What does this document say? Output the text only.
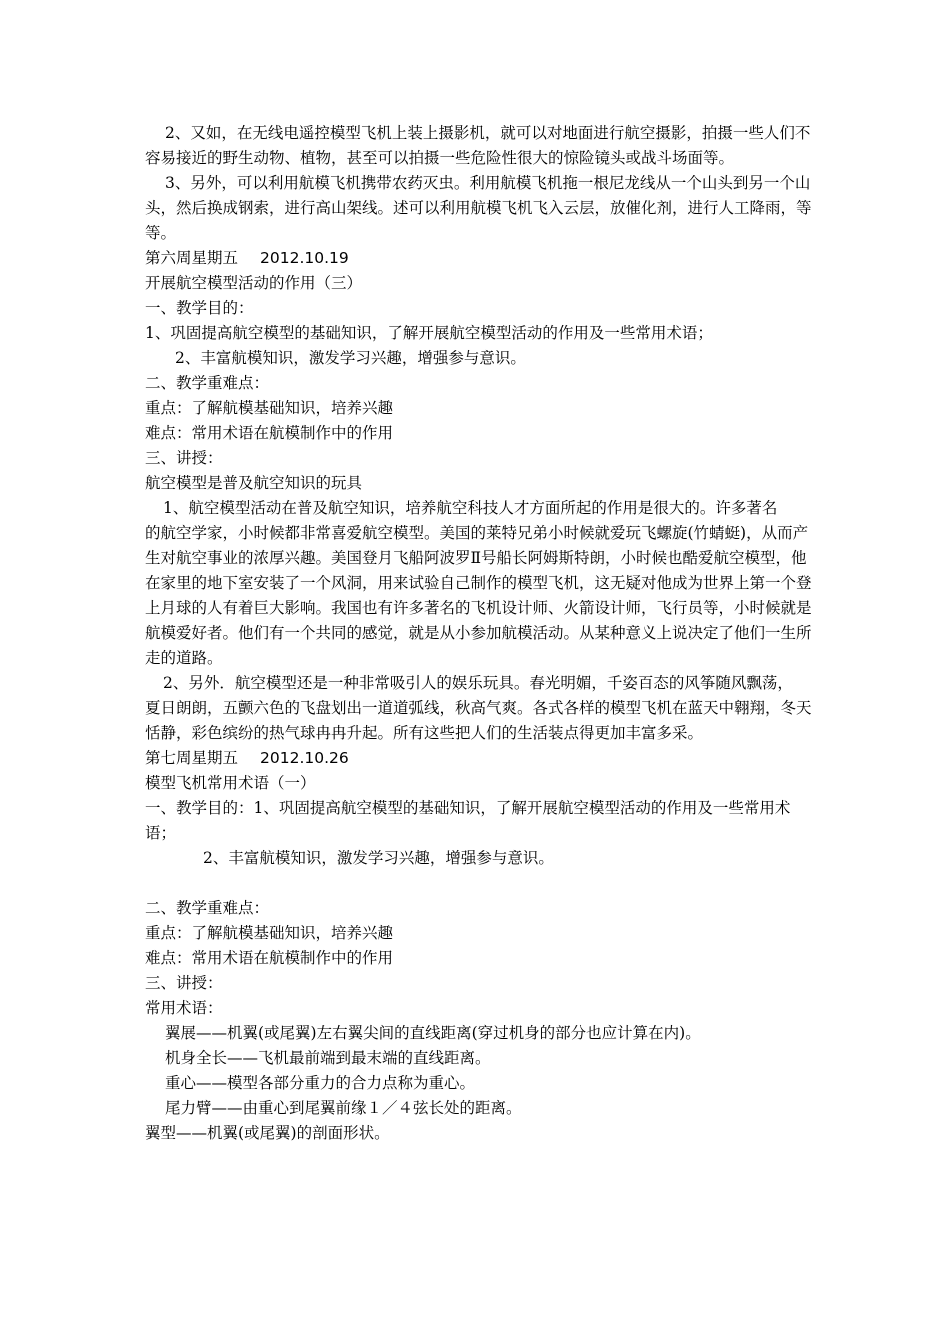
2、又如，在无线电遥控模型飞机上装上摄影机，就可以对地面进行航空摄影，拍摄一些人们不容易接近的野生动物、植物，甚至可以拍摄一些危险性很大的惊险镜头或战斗场面等。

3、另外，可以利用航模飞机携带农药灭虫。利用航模飞机拖一根尼龙线从一个山头到另一个山头，然后换成钢索，进行高山架线。述可以利用航模飞机飞入云层，放催化剂，进行人工降雨，等等。

第六周星期五 2012.10.19

开展航空模型活动的作用（三）

一、教学目的：

1、巩固提高航空模型的基础知识，了解开展航空模型活动的作用及一些常用术语；

2、丰富航模知识，激发学习兴趣，增强参与意识。

二、教学重难点：

重点：了解航模基础知识，培养兴趣

难点：常用术语在航模制作中的作用

三、讲授：

航空模型是普及航空知识的玩具

1、航空模型活动在普及航空知识，培养航空科技人才方面所起的作用是很大的。许多著名

的航空学家，小时候都非常喜爱航空模型。美国的莱特兄弟小时候就爱玩飞螺旋(竹蜻蜓)，从而产生对航空事业的浓厚兴趣。美国登月飞船阿波罗Ⅱ号船长阿姆斯特朗，小时候也酷爱航空模型，他在家里的地下室安装了一个风洞，用来试验自己制作的模型飞机，这无疑对他成为世界上第一个登上月球的人有着巨大影响。我国也有许多著名的飞机设计师、火箭设计师，飞行员等，小时候就是航模爱好者。他们有一个共同的感觉，就是从小参加航模活动。从某种意义上说决定了他们一生所走的道路。

2、另外．航空模型还是一种非常吸引人的娱乐玩具。春光明媚，千姿百态的风筝随风飘荡，

夏日朗朗，五颤六色的飞盘划出一道道弧线，秋高气爽。各式各样的模型飞机在蓝天中翱翔，冬天恬静，彩色缤纷的热气球冉冉升起。所有这些把人们的生活装点得更加丰富多采。

第七周星期五 2012.10.26

模型飞机常用术语（一）

一、教学目的：1、巩固提高航空模型的基础知识，了解开展航空模型活动的作用及一些常用术语；

2、丰富航模知识，激发学习兴趣，增强参与意识。

二、教学重难点：

重点：了解航模基础知识，培养兴趣

难点：常用术语在航模制作中的作用

三、讲授：

常用术语：

翼展——机翼(或尾翼)左右翼尖间的直线距离(穿过机身的部分也应计算在内)。

机身全长——飞机最前端到最末端的直线距离。

重心——模型各部分重力的合力点称为重心。

尾力臂——由重心到尾翼前缘１／４弦长处的距离。

翼型——机翼(或尾翼)的剖面形状。
